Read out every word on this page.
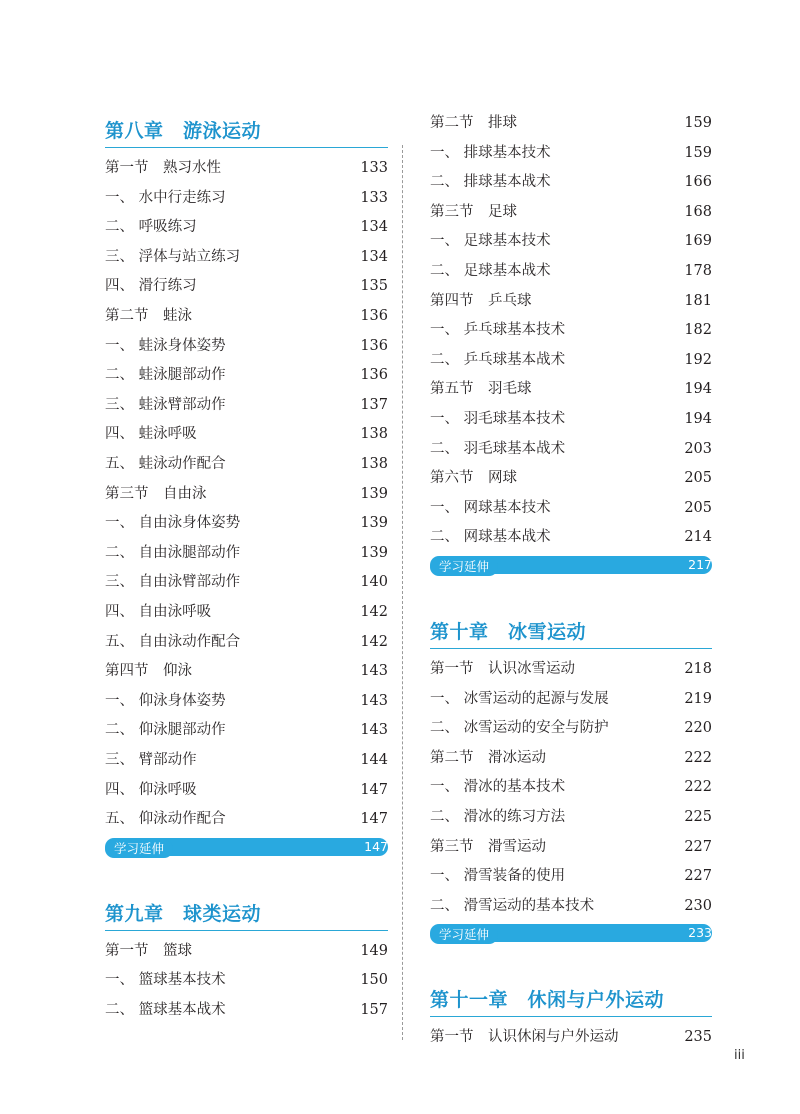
第八章　游泳运动
第一节　熟习水性	133
一、 水中行走练习	133
二、 呼吸练习	134
三、 浮体与站立练习	134
四、 滑行练习	135
第二节　蛙泳	136
一、 蛙泳身体姿势	136
二、 蛙泳腿部动作	136
三、 蛙泳臂部动作	137
四、 蛙泳呼吸	138
五、 蛙泳动作配合	138
第三节　自由泳	139
一、 自由泳身体姿势	139
二、 自由泳腿部动作	139
三、 自由泳臂部动作	140
四、 自由泳呼吸	142
五、 自由泳动作配合	142
第四节　仰泳	143
一、 仰泳身体姿势	143
二、 仰泳腿部动作	143
三、 臂部动作	144
四、 仰泳呼吸	147
五、 仰泳动作配合	147
学习延伸	147
第九章　球类运动
第一节　篮球	149
一、 篮球基本技术	150
二、 篮球基本战术	157
第二节　排球	159
一、 排球基本技术	159
二、 排球基本战术	166
第三节　足球	168
一、 足球基本技术	169
二、 足球基本战术	178
第四节　乒乓球	181
一、 乒乓球基本技术	182
二、 乒乓球基本战术	192
第五节　羽毛球	194
一、 羽毛球基本技术	194
二、 羽毛球基本战术	203
第六节　网球	205
一、 网球基本技术	205
二、 网球基本战术	214
学习延伸	217
第十章　冰雪运动
第一节　认识冰雪运动	218
一、 冰雪运动的起源与发展	219
二、 冰雪运动的安全与防护	220
第二节　滑冰运动	222
一、 滑冰的基本技术	222
二、 滑冰的练习方法	225
第三节　滑雪运动	227
一、 滑雪装备的使用	227
二、 滑雪运动的基本技术	230
学习延伸	233
第十一章　休闲与户外运动
第一节　认识休闲与户外运动	235
iii
